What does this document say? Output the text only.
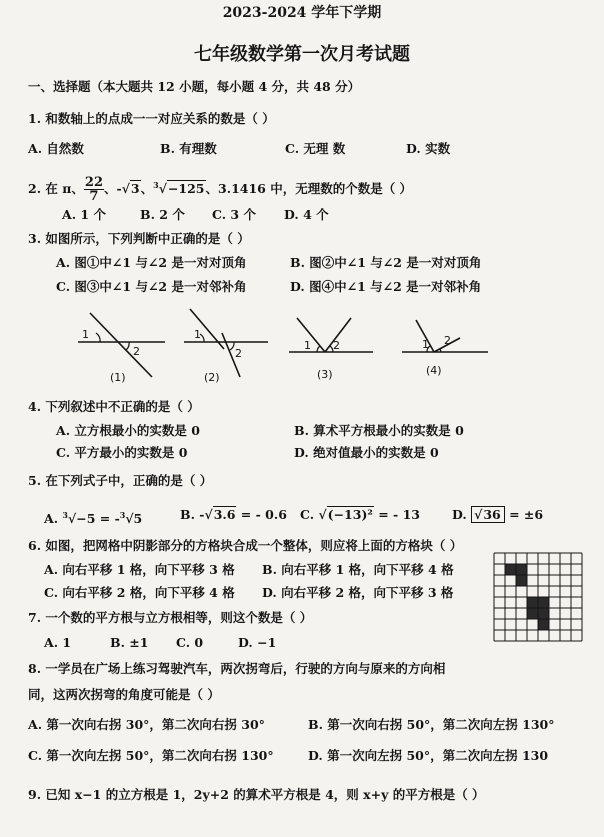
2023-2024 学年下学期
七年级数学第一次月考试题
一、选择题（本大题共 12 小题，每小题 4 分，共 48 分）
1. 和数轴上的点成一一对应关系的数是（ ）
A. 自然数	B. 有理数	C. 无理 数	D. 实数
2. 在 π、 $\frac{22}{7}$ 、-√3、$^3$√−125、3.1416 中，无理数的个数是（ ）
A. 1 个	B. 2 个 C. 3 个 D. 4 个
3. 如图所示，下列判断中正确的是（ ）
A. 图①中∠1 与∠2 是一对对顶角	B. 图②中∠1 与∠2 是一对对顶角
C. 图③中∠1 与∠2 是一对邻补角	D. 图④中∠1 与∠2 是一对邻补角
1
2
(1)
1
2
(2)
1 2
(3)
1 2
(4)
4. 下列叙述中不正确的是（ ）
A. 立方根最小的实数是 0	B. 算术平方根最小的实数是 0
C. 平方最小的实数是 0	D. 绝对值最小的实数是 0
5. 在下列式子中，正确的是（ ）
A. $^3$√−5 = -$^3$√5	B. -√3.6 = - 0.6 C. √(−13)² = - 13	D. √36 = ±6
6. 如图，把网格中阴影部分的方格块合成一个整体，则应将上面的方格块（ ）
A. 向右平移 1 格，向下平移 3 格 B. 向右平移 1 格，向下平移 4 格
C. 向右平移 2 格，向下平移 4 格 D. 向右平移 2 格，向下平移 3 格
7. 一个数的平方根与立方根相等，则这个数是（ ）
A. 1	B. ±1 C. 0	D. −1
8. 一学员在广场上练习驾驶汽车，两次拐弯后，行驶的方向与原来的方向相
同，这两次拐弯的角度可能是（ ）
A. 第一次向右拐 30°，第二次向右拐 30°	B. 第一次向右拐 50°，第二次向左拐 130°
C. 第一次向左拐 50°，第二次向右拐 130°	D. 第一次向左拐 50°，第二次向左拐 130
9. 已知 x−1 的立方根是 1，2y+2 的算术平方根是 4，则 x+y 的平方根是（ ）
